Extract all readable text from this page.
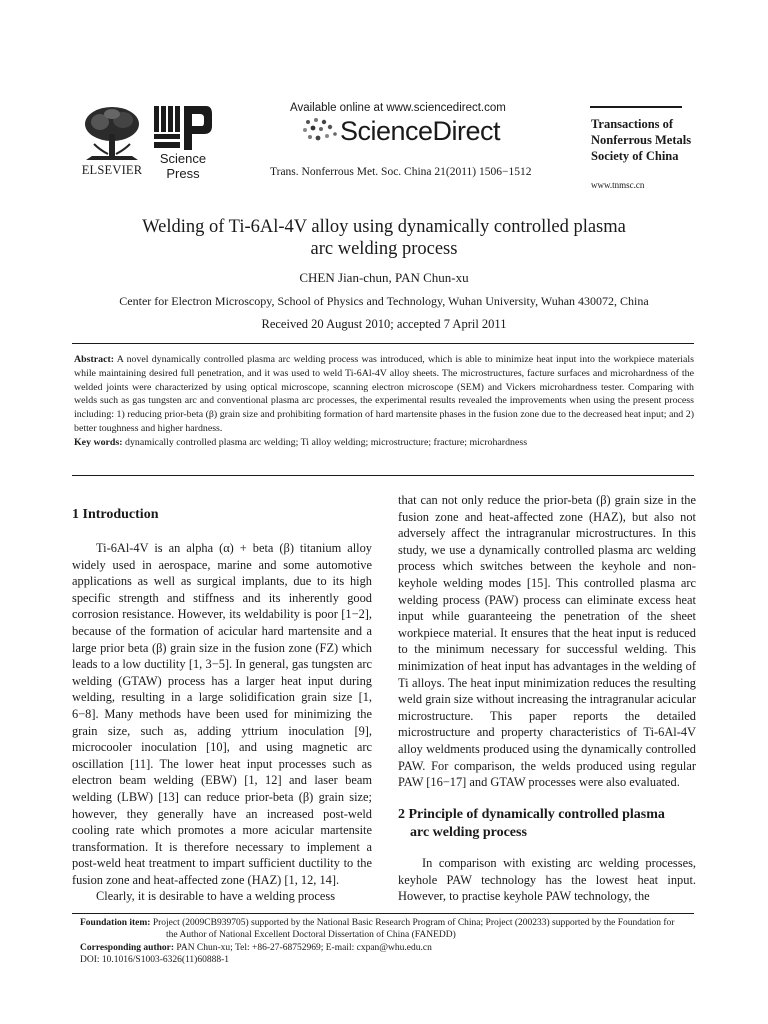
ELSEVIER
Science
Press
Available online at www.sciencedirect.com
ScienceDirect
Trans. Nonferrous Met. Soc. China 21(2011) 1506−1512
Transactions of
Nonferrous Metals
Society of China
www.tnmsc.cn
Welding of Ti-6Al-4V alloy using dynamically controlled plasma
arc welding process
CHEN Jian-chun, PAN Chun-xu
Center for Electron Microscopy, School of Physics and Technology, Wuhan University, Wuhan 430072, China
Received 20 August 2010; accepted 7 April 2011
Abstract: A novel dynamically controlled plasma arc welding process was introduced, which is able to minimize heat input into the workpiece materials while maintaining desired full penetration, and it was used to weld Ti-6Al-4V alloy sheets. The microstructures, facture surfaces and microhardness of the welded joints were characterized by using optical microscope, scanning electron microscope (SEM) and Vickers microhardness tester. Comparing with welds such as gas tungsten arc and conventional plasma arc processes, the experimental results revealed the improvements when using the present process including: 1) reducing prior-beta (β) grain size and prohibiting formation of hard martensite phases in the fusion zone due to the decreased heat input; and 2) better toughness and higher hardness.
Key words: dynamically controlled plasma arc welding; Ti alloy welding; microstructure; fracture; microhardness
1 Introduction

Ti-6Al-4V is an alpha (α) + beta (β) titanium alloy widely used in aerospace, marine and some automotive applications as well as surgical implants, due to its high specific strength and stiffness and its inherently good corrosion resistance. However, its weldability is poor [1−2], because of the formation of acicular hard martensite and a large prior beta (β) grain size in the fusion zone (FZ) which leads to a low ductility [1, 3−5]. In general, gas tungsten arc welding (GTAW) process has a larger heat input during welding, resulting in a large solidification grain size [1, 6−8]. Many methods have been used for minimizing the grain size, such as, adding yttrium inoculation [9], microcooler inoculation [10], and using magnetic arc oscillation [11]. The lower heat input processes such as electron beam welding (EBW) [1, 12] and laser beam welding (LBW) [13] can reduce prior-beta (β) grain size; however, they generally have an increased post-weld cooling rate which promotes a more acicular martensite transformation. It is therefore necessary to implement a post-weld heat treatment to impart sufficient ductility to the fusion zone and heat-affected zone (HAZ) [1, 12, 14].

Clearly, it is desirable to have a welding process

that can not only reduce the prior-beta (β) grain size in the fusion zone and heat-affected zone (HAZ), but also not adversely affect the intragranular microstructures. In this study, we use a dynamically controlled plasma arc welding process which switches between the keyhole and non-keyhole welding modes [15]. This controlled plasma arc welding process (PAW) process can eliminate excess heat input while guaranteeing the penetration of the sheet workpiece material. It ensures that the heat input is reduced to the minimum necessary for successful welding. This minimization of heat input has advantages in the welding of Ti alloys. The heat input minimization reduces the resulting weld grain size without increasing the intragranular acicular microstructure. This paper reports the detailed microstructure and property characteristics of Ti-6Al-4V alloy weldments produced using the dynamically controlled PAW. For comparison, the welds produced using regular PAW [16−17] and GTAW processes were also evaluated.

2 Principle of dynamically controlled plasma
arc welding process

In comparison with existing arc welding processes, keyhole PAW technology has the lowest heat input. However, to practise keyhole PAW technology, the

Foundation item: Project (2009CB939705) supported by the National Basic Research Program of China; Project (200233) supported by the Foundation for

the Author of National Excellent Doctoral Dissertation of China (FANEDD)

Corresponding author: PAN Chun-xu; Tel: +86-27-68752969; E-mail: cxpan@whu.edu.cn

DOI: 10.1016/S1003-6326(11)60888-1
